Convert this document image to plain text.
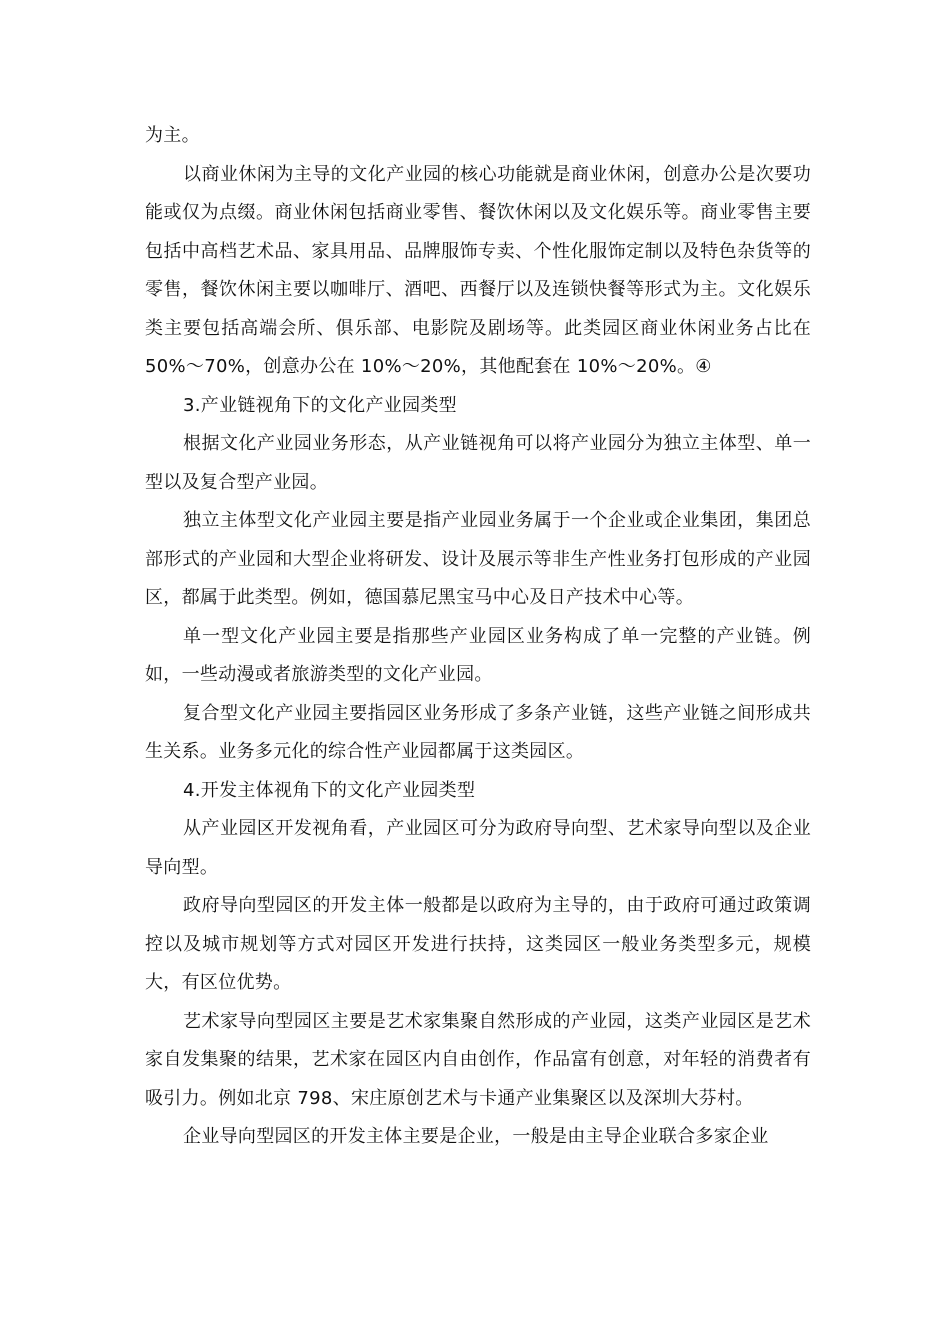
为主。

以商业休闲为主导的文化产业园的核心功能就是商业休闲，创意办公是次要功能或仅为点缀。商业休闲包括商业零售、餐饮休闲以及文化娱乐等。商业零售主要包括中高档艺术品、家具用品、品牌服饰专卖、个性化服饰定制以及特色杂货等的零售，餐饮休闲主要以咖啡厅、酒吧、西餐厅以及连锁快餐等形式为主。文化娱乐类主要包括高端会所、俱乐部、电影院及剧场等。此类园区商业休闲业务占比在 50%～70%，创意办公在 10%～20%，其他配套在 10%～20%。④

3.产业链视角下的文化产业园类型

根据文化产业园业务形态，从产业链视角可以将产业园分为独立主体型、单一型以及复合型产业园。

独立主体型文化产业园主要是指产业园业务属于一个企业或企业集团，集团总部形式的产业园和大型企业将研发、设计及展示等非生产性业务打包形成的产业园区，都属于此类型。例如，德国慕尼黑宝马中心及日产技术中心等。

单一型文化产业园主要是指那些产业园区业务构成了单一完整的产业链。例如，一些动漫或者旅游类型的文化产业园。

复合型文化产业园主要指园区业务形成了多条产业链，这些产业链之间形成共生关系。业务多元化的综合性产业园都属于这类园区。

4.开发主体视角下的文化产业园类型

从产业园区开发视角看，产业园区可分为政府导向型、艺术家导向型以及企业导向型。

政府导向型园区的开发主体一般都是以政府为主导的，由于政府可通过政策调控以及城市规划等方式对园区开发进行扶持，这类园区一般业务类型多元，规模大，有区位优势。

艺术家导向型园区主要是艺术家集聚自然形成的产业园，这类产业园区是艺术家自发集聚的结果，艺术家在园区内自由创作，作品富有创意，对年轻的消费者有吸引力。例如北京 798、宋庄原创艺术与卡通产业集聚区以及深圳大芬村。

企业导向型园区的开发主体主要是企业，一般是由主导企业联合多家企业
